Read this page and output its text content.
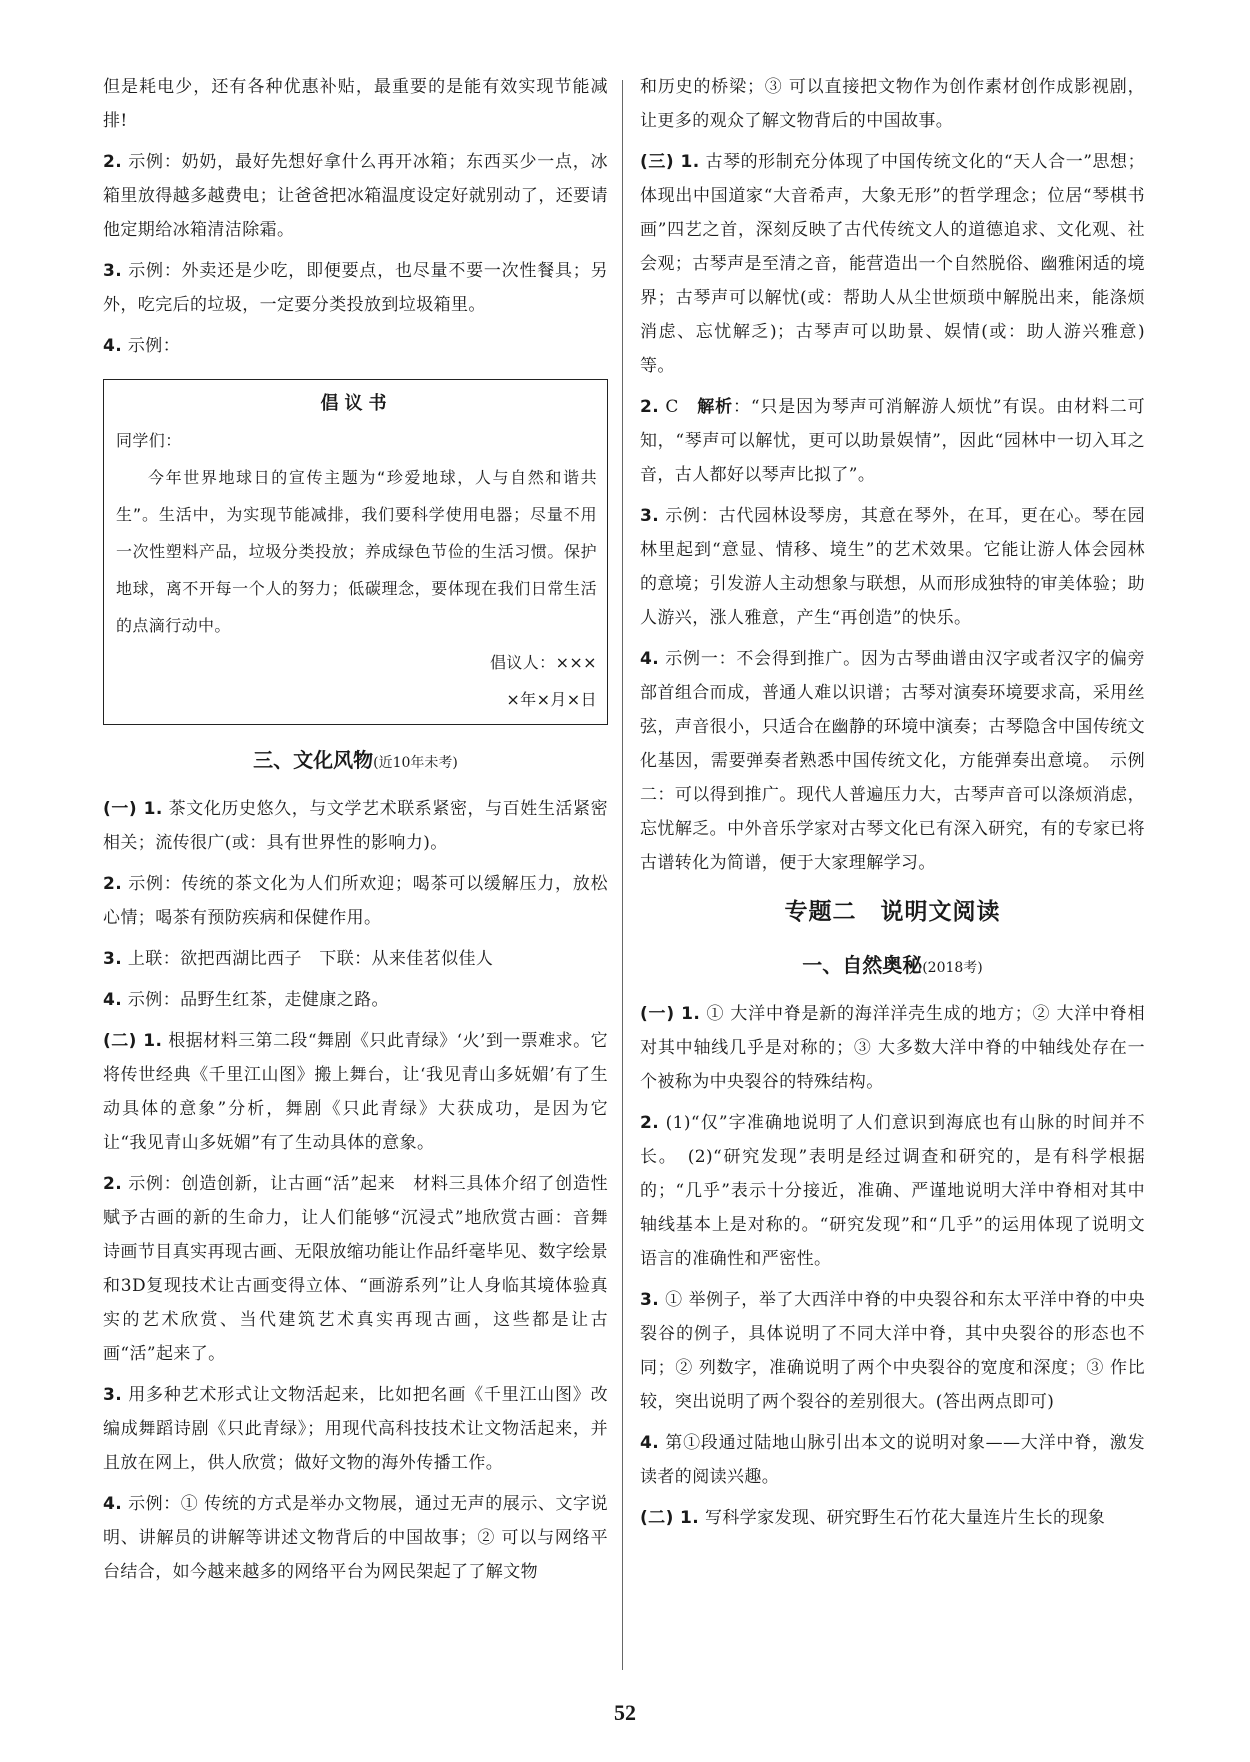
但是耗电少，还有各种优惠补贴，最重要的是能有效实现节能减排!

2. 示例：奶奶，最好先想好拿什么再开冰箱；东西买少一点，冰箱里放得越多越费电；让爸爸把冰箱温度设定好就别动了，还要请他定期给冰箱清洁除霜。

3. 示例：外卖还是少吃，即便要点，也尽量不要一次性餐具；另外，吃完后的垃圾，一定要分类投放到垃圾箱里。

4. 示例：

倡议书

同学们：

今年世界地球日的宣传主题为“珍爱地球，人与自然和谐共生”。生活中，为实现节能减排，我们要科学使用电器；尽量不用一次性塑料产品，垃圾分类投放；养成绿色节俭的生活习惯。保护地球，离不开每一个人的努力；低碳理念，要体现在我们日常生活的点滴行动中。

倡议人：×××

×年×月×日

三、文化风物(近10年未考)

(一) 1. 茶文化历史悠久，与文学艺术联系紧密，与百姓生活紧密相关；流传很广(或：具有世界性的影响力)。

2. 示例：传统的茶文化为人们所欢迎；喝茶可以缓解压力，放松心情；喝茶有预防疾病和保健作用。

3. 上联：欲把西湖比西子　下联：从来佳茗似佳人

4. 示例：品野生红茶，走健康之路。

(二) 1. 根据材料三第二段“舞剧《只此青绿》‘火’到一票难求。它将传世经典《千里江山图》搬上舞台，让‘我见青山多妩媚’有了生动具体的意象”分析，舞剧《只此青绿》大获成功，是因为它让“我见青山多妩媚”有了生动具体的意象。

2. 示例：创造创新，让古画“活”起来　材料三具体介绍了创造性赋予古画的新的生命力，让人们能够“沉浸式”地欣赏古画：音舞诗画节目真实再现古画、无限放缩功能让作品纤毫毕见、数字绘景和3D复现技术让古画变得立体、“画游系列”让人身临其境体验真实的艺术欣赏、当代建筑艺术真实再现古画，这些都是让古画“活”起来了。

3. 用多种艺术形式让文物活起来，比如把名画《千里江山图》改编成舞蹈诗剧《只此青绿》；用现代高科技技术让文物活起来，并且放在网上，供人欣赏；做好文物的海外传播工作。

4. 示例：① 传统的方式是举办文物展，通过无声的展示、文字说明、讲解员的讲解等讲述文物背后的中国故事；② 可以与网络平台结合，如今越来越多的网络平台为网民架起了了解文物

和历史的桥梁；③ 可以直接把文物作为创作素材创作成影视剧，让更多的观众了解文物背后的中国故事。

(三) 1. 古琴的形制充分体现了中国传统文化的“天人合一”思想；体现出中国道家“大音希声，大象无形”的哲学理念；位居“琴棋书画”四艺之首，深刻反映了古代传统文人的道德追求、文化观、社会观；古琴声是至清之音，能营造出一个自然脱俗、幽雅闲适的境界；古琴声可以解忧(或：帮助人从尘世烦琐中解脱出来，能涤烦消虑、忘忧解乏)；古琴声可以助景、娱情(或：助人游兴雅意)等。

2. C　 解析：“只是因为琴声可消解游人烦忧”有误。由材料二可知，“琴声可以解忧，更可以助景娱情”，因此“园林中一切入耳之音，古人都好以琴声比拟了”。

3. 示例：古代园林设琴房，其意在琴外，在耳，更在心。琴在园林里起到“意显、情移、境生”的艺术效果。它能让游人体会园林的意境；引发游人主动想象与联想，从而形成独特的审美体验；助人游兴，涨人雅意，产生“再创造”的快乐。

4. 示例一：不会得到推广。因为古琴曲谱由汉字或者汉字的偏旁部首组合而成，普通人难以识谱；古琴对演奏环境要求高，采用丝弦，声音很小，只适合在幽静的环境中演奏；古琴隐含中国传统文化基因，需要弹奏者熟悉中国传统文化，方能弹奏出意境。　示例二：可以得到推广。现代人普遍压力大，古琴声音可以涤烦消虑，忘忧解乏。中外音乐学家对古琴文化已有深入研究，有的专家已将古谱转化为简谱，便于大家理解学习。

专题二　说明文阅读
一、自然奥秘(2018考)

(一) 1. ① 大洋中脊是新的海洋洋壳生成的地方；② 大洋中脊相对其中轴线几乎是对称的；③ 大多数大洋中脊的中轴线处存在一个被称为中央裂谷的特殊结构。

2. (1)“仅”字准确地说明了人们意识到海底也有山脉的时间并不长。　(2)“研究发现”表明是经过调查和研究的，是有科学根据的；“几乎”表示十分接近，准确、严谨地说明大洋中脊相对其中轴线基本上是对称的。“研究发现”和“几乎”的运用体现了说明文语言的准确性和严密性。

3. ① 举例子，举了大西洋中脊的中央裂谷和东太平洋中脊的中央裂谷的例子，具体说明了不同大洋中脊，其中央裂谷的形态也不同；② 列数字，准确说明了两个中央裂谷的宽度和深度；③ 作比较，突出说明了两个裂谷的差别很大。(答出两点即可)

4. 第①段通过陆地山脉引出本文的说明对象——大洋中脊，激发读者的阅读兴趣。

(二) 1. 写科学家发现、研究野生石竹花大量连片生长的现象

52
